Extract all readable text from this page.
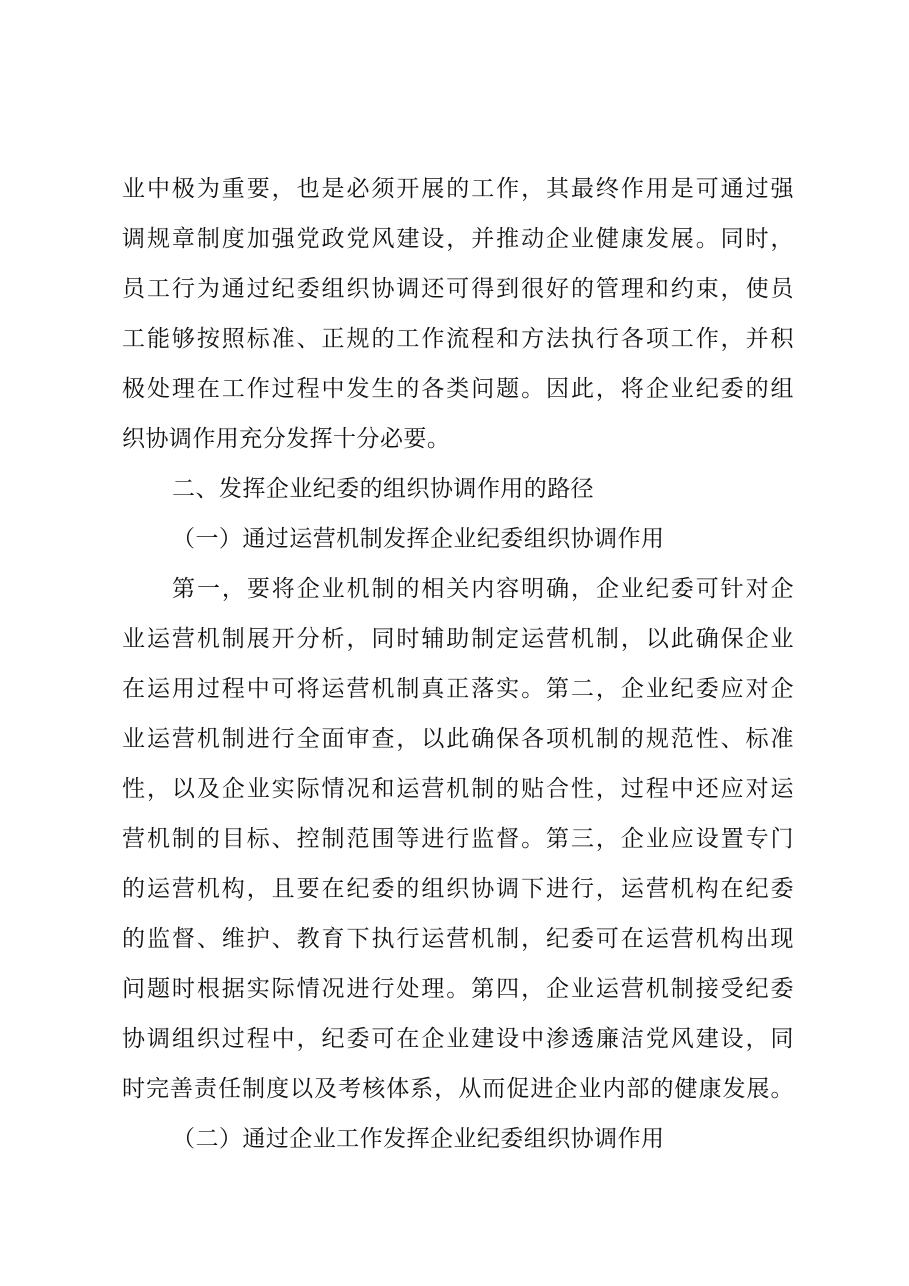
业中极为重要，也是必须开展的工作，其最终作用是可通过强
调规章制度加强党政党风建设，并推动企业健康发展。同时，
员工行为通过纪委组织协调还可得到很好的管理和约束，使员
工能够按照标准、正规的工作流程和方法执行各项工作，并积
极处理在工作过程中发生的各类问题。因此，将企业纪委的组
织协调作用充分发挥十分必要。
二、发挥企业纪委的组织协调作用的路径
（一）通过运营机制发挥企业纪委组织协调作用
第一，要将企业机制的相关内容明确，企业纪委可针对企
业运营机制展开分析，同时辅助制定运营机制，以此确保企业
在运用过程中可将运营机制真正落实。第二，企业纪委应对企
业运营机制进行全面审查，以此确保各项机制的规范性、标准
性，以及企业实际情况和运营机制的贴合性，过程中还应对运
营机制的目标、控制范围等进行监督。第三，企业应设置专门
的运营机构，且要在纪委的组织协调下进行，运营机构在纪委
的监督、维护、教育下执行运营机制，纪委可在运营机构出现
问题时根据实际情况进行处理。第四，企业运营机制接受纪委
协调组织过程中，纪委可在企业建设中渗透廉洁党风建设，同
时完善责任制度以及考核体系，从而促进企业内部的健康发展。
（二）通过企业工作发挥企业纪委组织协调作用
